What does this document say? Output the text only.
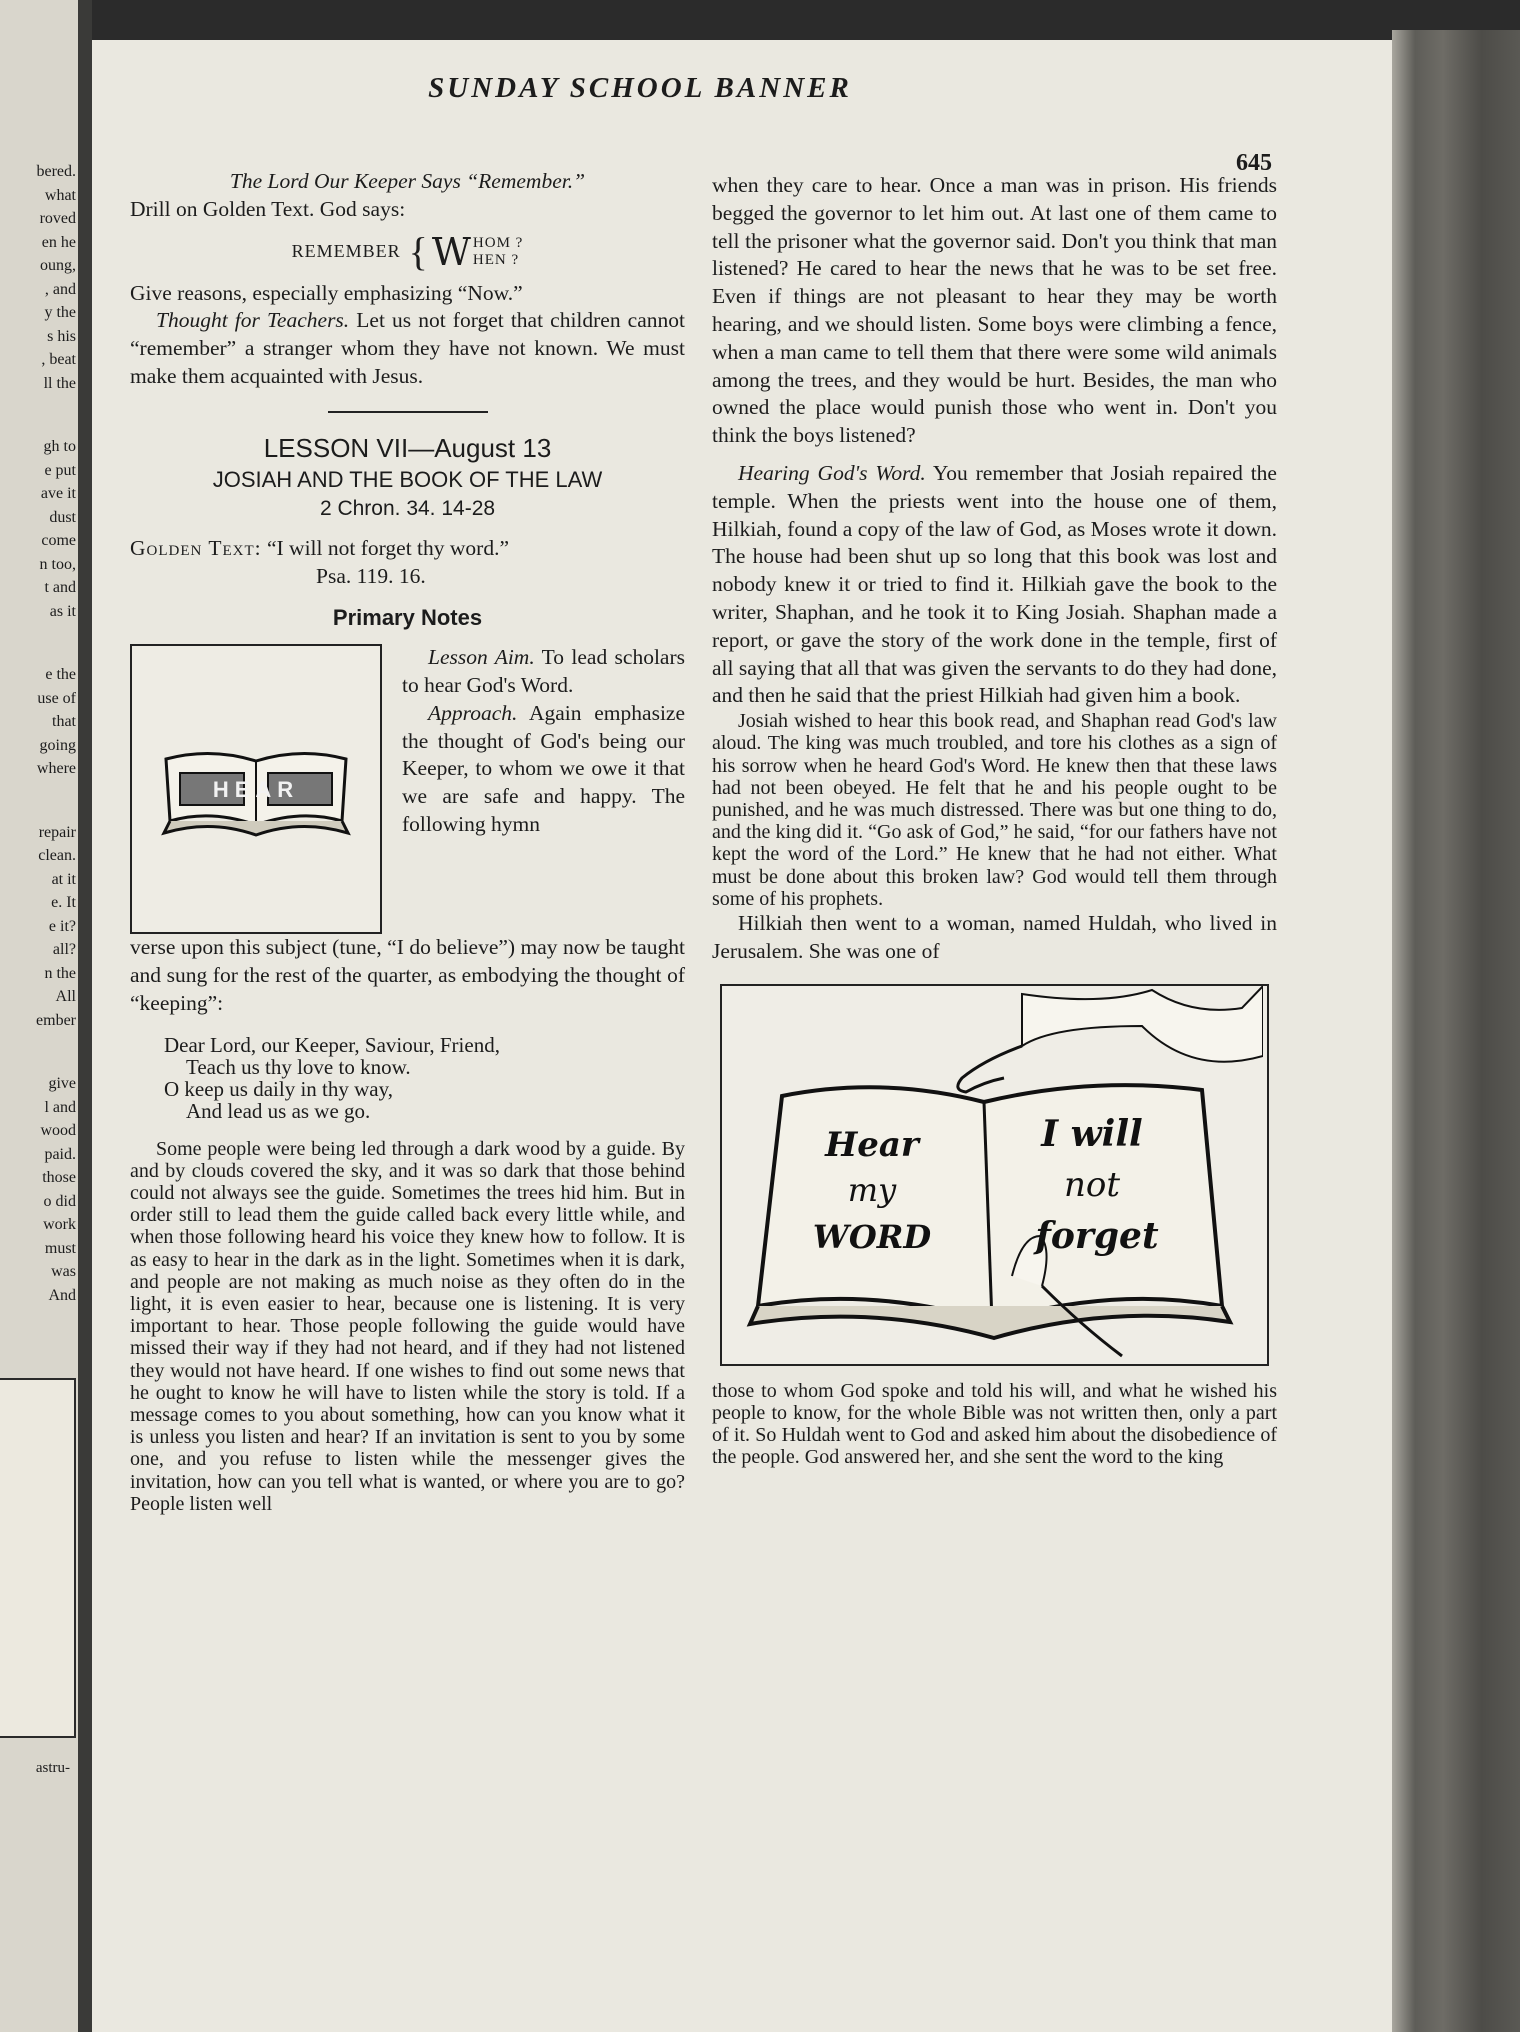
bered.
what
roved
en he
oung,
, and
y the
s his
, beat
ll the
gh to
e put
ave it
dust
come
n too,
t and
as it
e the
use of
that
going
where
repair
clean.
at it
e. It
e it?
all?
n the
All
ember
give
l and
wood
paid.
those
o did
work
must
was
And
astru-
SUNDAY SCHOOL BANNER
645

The Lord Our Keeper Says “Remember.”

Drill on Golden Text. God says:

REMEMBER { W HOM ?
HEN ?

Give reasons, especially emphasizing “Now.”

Thought for Teachers. Let us not forget that children cannot “remember” a stranger whom they have not known. We must make them acquainted with Jesus.

LESSON VII—August 13
JOSIAH AND THE BOOK OF THE LAW
2 Chron. 34. 14-28
Golden Text: “I will not forget thy word.”
Psa. 119. 16.
Primary Notes
HEAR

Lesson Aim. To lead scholars to hear God's Word.

Approach. Again emphasize the thought of God's being our Keeper, to whom we owe it that we are safe and happy. The following hymn

verse upon this subject (tune, “I do believe”) may now be taught and sung for the rest of the quarter, as embodying the thought of “keeping”:

Dear Lord, our Keeper, Saviour, Friend,
Teach us thy love to know.
O keep us daily in thy way,
And lead us as we go.

Some people were being led through a dark wood by a guide. By and by clouds covered the sky, and it was so dark that those behind could not always see the guide. Sometimes the trees hid him. But in order still to lead them the guide called back every little while, and when those following heard his voice they knew how to follow. It is as easy to hear in the dark as in the light. Sometimes when it is dark, and people are not making as much noise as they often do in the light, it is even easier to hear, because one is listening. It is very important to hear. Those people following the guide would have missed their way if they had not heard, and if they had not listened they would not have heard. If one wishes to find out some news that he ought to know he will have to listen while the story is told. If a message comes to you about something, how can you know what it is unless you listen and hear? If an invitation is sent to you by some one, and you refuse to listen while the messenger gives the invitation, how can you tell what is wanted, or where you are to go? People listen well

when they care to hear. Once a man was in prison. His friends begged the governor to let him out. At last one of them came to tell the prisoner what the governor said. Don't you think that man listened? He cared to hear the news that he was to be set free. Even if things are not pleasant to hear they may be worth hearing, and we should listen. Some boys were climbing a fence, when a man came to tell them that there were some wild animals among the trees, and they would be hurt. Besides, the man who owned the place would punish those who went in. Don't you think the boys listened?

Hearing God's Word. You remember that Josiah repaired the temple. When the priests went into the house one of them, Hilkiah, found a copy of the law of God, as Moses wrote it down. The house had been shut up so long that this book was lost and nobody knew it or tried to find it. Hilkiah gave the book to the writer, Shaphan, and he took it to King Josiah. Shaphan made a report, or gave the story of the work done in the temple, first of all saying that all that was given the servants to do they had done, and then he said that the priest Hilkiah had given him a book.

Josiah wished to hear this book read, and Shaphan read God's law aloud. The king was much troubled, and tore his clothes as a sign of his sorrow when he heard God's Word. He knew then that these laws had not been obeyed. He felt that he and his people ought to be punished, and he was much distressed. There was but one thing to do, and the king did it. “Go ask of God,” he said, “for our fathers have not kept the word of the Lord.” He knew that he had not either. What must be done about this broken law? God would tell them through some of his prophets.

Hilkiah then went to a woman, named Huldah, who lived in Jerusalem. She was one of

Hear
my
WORD
I will
not
forget

those to whom God spoke and told his will, and what he wished his people to know, for the whole Bible was not written then, only a part of it. So Huldah went to God and asked him about the disobedience of the people. God answered her, and she sent the word to the king
